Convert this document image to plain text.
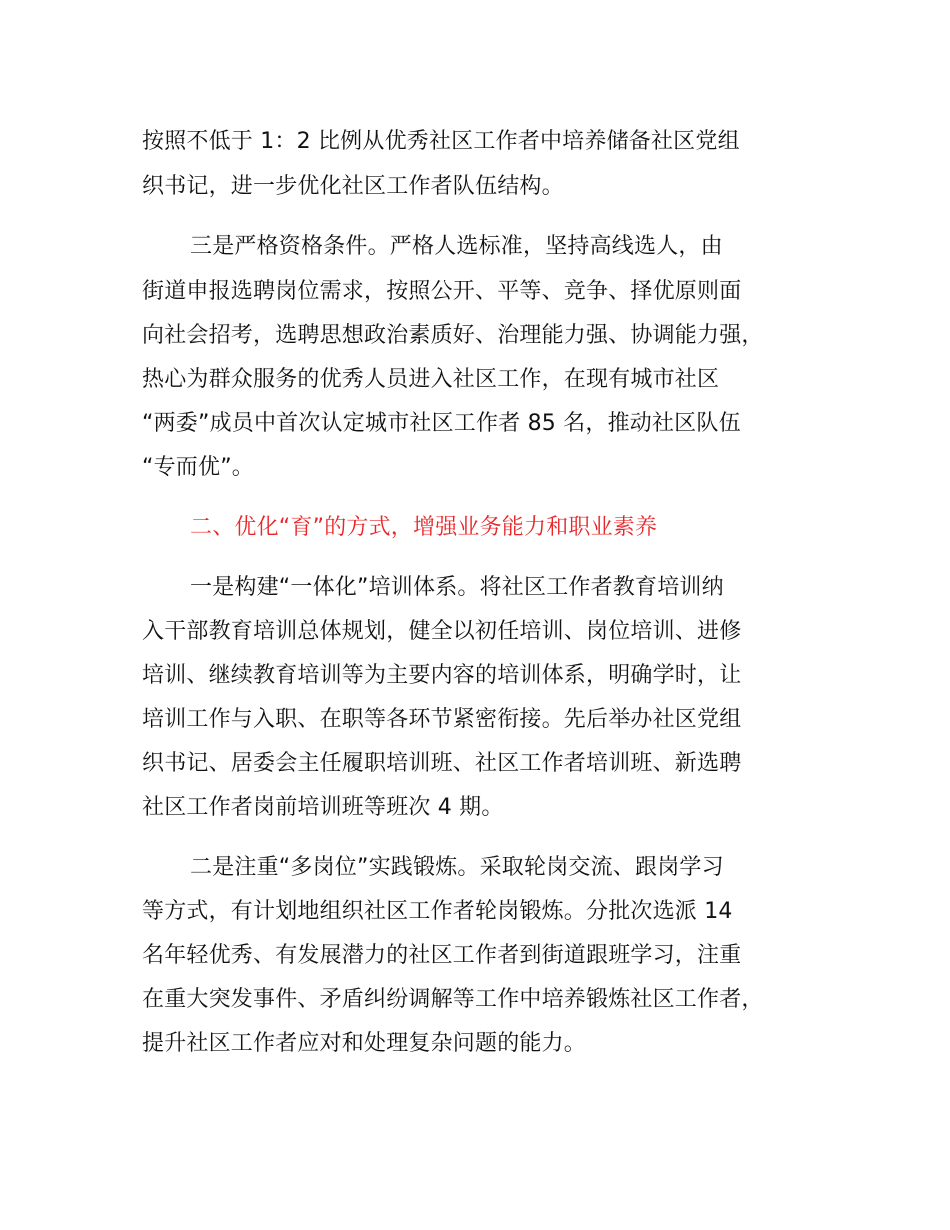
按照不低于 1：2 比例从优秀社区工作者中培养储备社区党组
织书记，进一步优化社区工作者队伍结构。
三是严格资格条件。严格人选标准，坚持高线选人，由
街道申报选聘岗位需求，按照公开、平等、竞争、择优原则面
向社会招考，选聘思想政治素质好、治理能力强、协调能力强，
热心为群众服务的优秀人员进入社区工作，在现有城市社区
“两委”成员中首次认定城市社区工作者 85 名，推动社区队伍
“专而优”。
二、优化“育”的方式，增强业务能力和职业素养
一是构建“一体化”培训体系。将社区工作者教育培训纳
入干部教育培训总体规划，健全以初任培训、岗位培训、进修
培训、继续教育培训等为主要内容的培训体系，明确学时，让
培训工作与入职、在职等各环节紧密衔接。先后举办社区党组
织书记、居委会主任履职培训班、社区工作者培训班、新选聘
社区工作者岗前培训班等班次 4 期。
二是注重“多岗位”实践锻炼。采取轮岗交流、跟岗学习
等方式，有计划地组织社区工作者轮岗锻炼。分批次选派 14
名年轻优秀、有发展潜力的社区工作者到街道跟班学习，注重
在重大突发事件、矛盾纠纷调解等工作中培养锻炼社区工作者，
提升社区工作者应对和处理复杂问题的能力。
